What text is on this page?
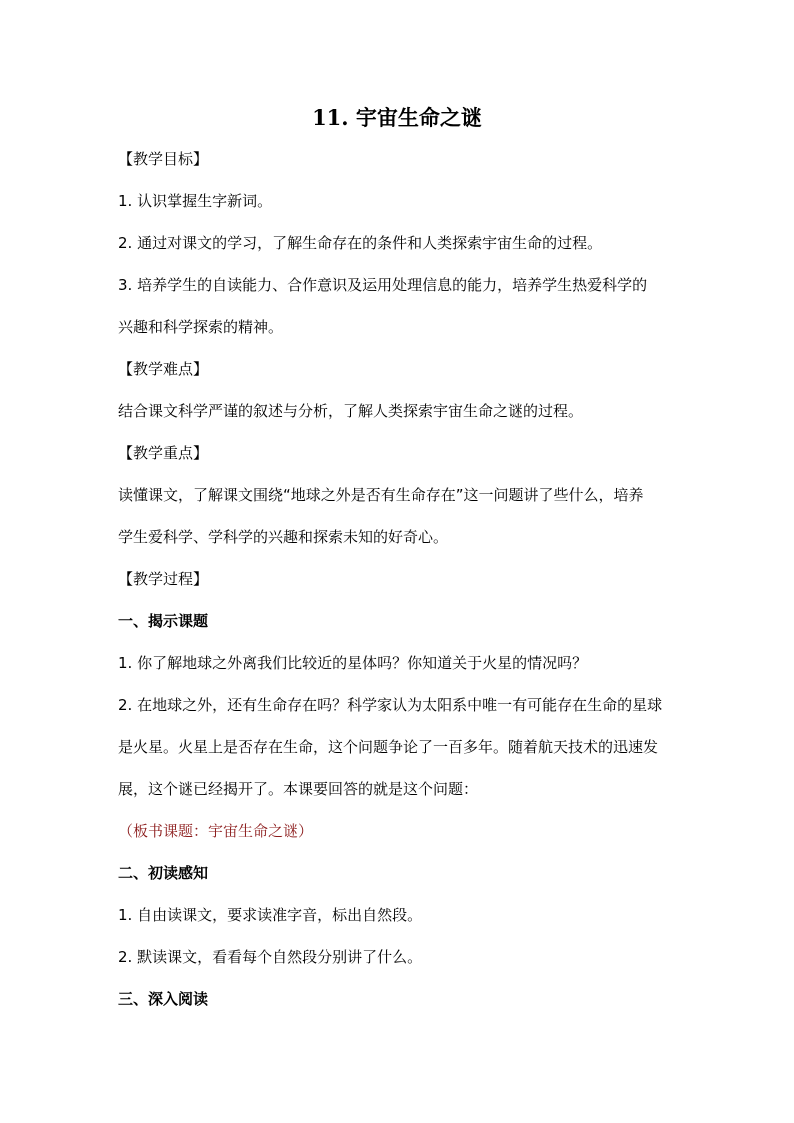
11. 宇宙生命之谜
【教学目标】
1. 认识掌握生字新词。
2. 通过对课文的学习，了解生命存在的条件和人类探索宇宙生命的过程。
3. 培养学生的自读能力、合作意识及运用处理信息的能力，培养学生热爱科学的
兴趣和科学探索的精神。
【教学难点】
结合课文科学严谨的叙述与分析，了解人类探索宇宙生命之谜的过程。
【教学重点】
读懂课文，了解课文围绕“地球之外是否有生命存在”这一问题讲了些什么，培养
学生爱科学、学科学的兴趣和探索未知的好奇心。
【教学过程】
一、揭示课题
1. 你了解地球之外离我们比较近的星体吗？你知道关于火星的情况吗？
2. 在地球之外，还有生命存在吗？科学家认为太阳系中唯一有可能存在生命的星球
是火星。火星上是否存在生命，这个问题争论了一百多年。随着航天技术的迅速发
展，这个谜已经揭开了。本课要回答的就是这个问题：
（板书课题：宇宙生命之谜）
二、初读感知
1. 自由读课文，要求读准字音，标出自然段。
2. 默读课文，看看每个自然段分别讲了什么。
三、深入阅读
